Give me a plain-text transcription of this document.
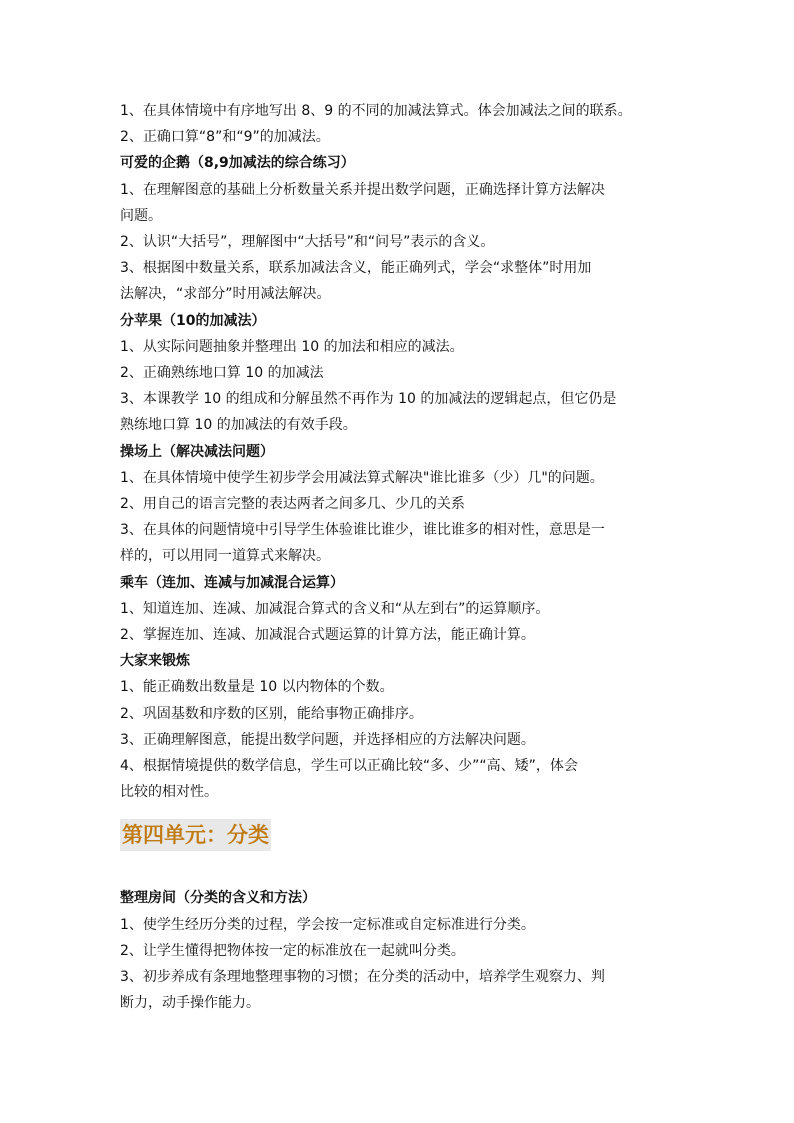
1、在具体情境中有序地写出 8、9 的不同的加减法算式。体会加减法之间的联系。
2、正确口算“8”和“9”的加减法。
可爱的企鹅（8,9加减法的综合练习）
1、在理解图意的基础上分析数量关系并提出数学问题，正确选择计算方法解决
问题。
2、认识“大括号”，理解图中“大括号”和“问号”表示的含义。
3、根据图中数量关系，联系加减法含义，能正确列式，学会“求整体”时用加
法解决，“求部分”时用减法解决。
分苹果（10的加减法）
1、从实际问题抽象并整理出 10 的加法和相应的减法。
2、正确熟练地口算 10 的加减法
3、本课教学 10 的组成和分解虽然不再作为 10 的加减法的逻辑起点，但它仍是
熟练地口算 10 的加减法的有效手段。
操场上（解决减法问题）
1、在具体情境中使学生初步学会用减法算式解决"谁比谁多（少）几"的问题。
2、用自己的语言完整的表达两者之间多几、少几的关系
3、在具体的问题情境中引导学生体验谁比谁少，谁比谁多的相对性，意思是一
样的，可以用同一道算式来解决。
乘车（连加、连减与加减混合运算）
1、知道连加、连减、加减混合算式的含义和“从左到右”的运算顺序。
2、掌握连加、连减、加减混合式题运算的计算方法，能正确计算。
大家来锻炼
1、能正确数出数量是 10 以内物体的个数。
2、巩固基数和序数的区别，能给事物正确排序。
3、正确理解图意，能提出数学问题，并选择相应的方法解决问题。
4、根据情境提供的数学信息，学生可以正确比较“多、少”“高、矮”，体会
比较的相对性。
第四单元：分类
整理房间（分类的含义和方法）
1、使学生经历分类的过程，学会按一定标准或自定标准进行分类。
2、让学生懂得把物体按一定的标准放在一起就叫分类。
3、初步养成有条理地整理事物的习惯；在分类的活动中，培养学生观察力、判
断力，动手操作能力。
